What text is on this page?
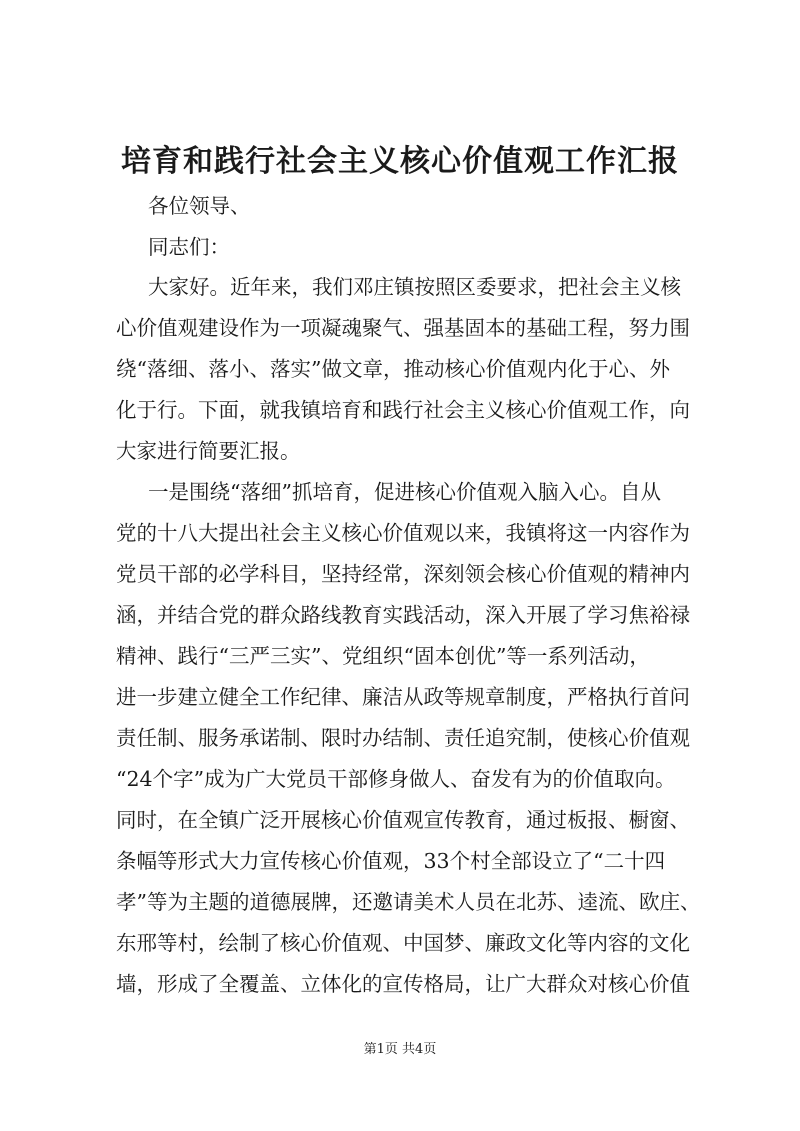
培育和践行社会主义核心价值观工作汇报
各位领导、
同志们：
大家好。近年来，我们邓庄镇按照区委要求，把社会主义核
心价值观建设作为一项凝魂聚气、强基固本的基础工程，努力围
绕“落细、落小、落实”做文章，推动核心价值观内化于心、外
化于行。下面，就我镇培育和践行社会主义核心价值观工作，向
大家进行简要汇报。
一是围绕“落细”抓培育，促进核心价值观入脑入心。自从
党的十八大提出社会主义核心价值观以来，我镇将这一内容作为
党员干部的必学科目，坚持经常，深刻领会核心价值观的精神内
涵，并结合党的群众路线教育实践活动，深入开展了学习焦裕禄
精神、践行“三严三实”、党组织“固本创优”等一系列活动，
进一步建立健全工作纪律、廉洁从政等规章制度，严格执行首问
责任制、服务承诺制、限时办结制、责任追究制，使核心价值观
“24个字”成为广大党员干部修身做人、奋发有为的价值取向。
同时，在全镇广泛开展核心价值观宣传教育，通过板报、橱窗、
条幅等形式大力宣传核心价值观，33个村全部设立了“二十四
孝”等为主题的道德展牌，还邀请美术人员在北苏、逵流、欧庄、
东邢等村，绘制了核心价值观、中国梦、廉政文化等内容的文化
墙，形成了全覆盖、立体化的宣传格局，让广大群众对核心价值
第1页 共4页
